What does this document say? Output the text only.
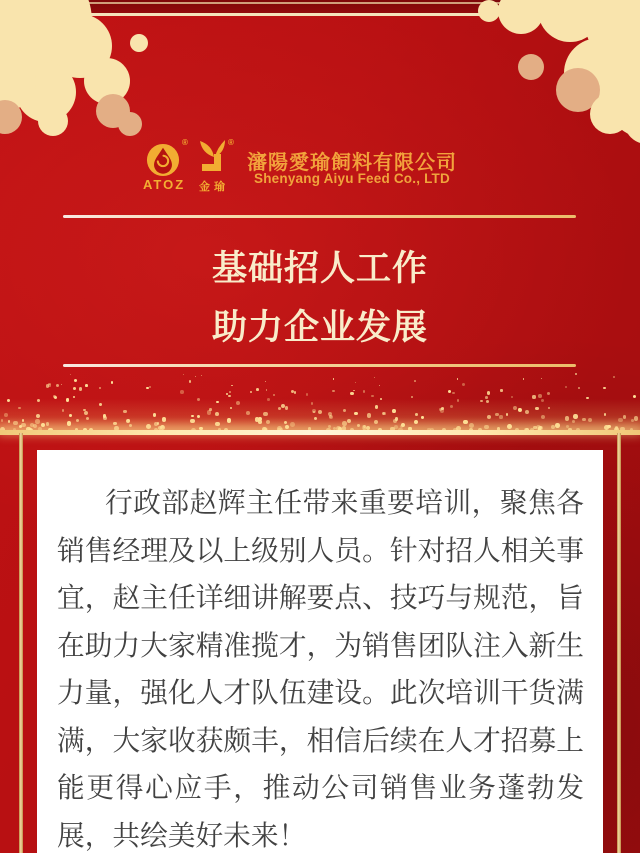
®
ATOZ
®
金瑜
瀋陽愛瑜飼料有限公司
Shenyang Aiyu Feed Co., LTD
基础招人工作
助力企业发展

行政部赵辉主任带来重要培训，聚焦各销售经理及以上级别人员。针对招人相关事宜，赵主任详细讲解要点、技巧与规范，旨在助力大家精准揽才，为销售团队注入新生力量，强化人才队伍建设。此次培训干货满满，大家收获颇丰，相信后续在人才招募上能更得心应手，推动公司销售业务蓬勃发展，共绘美好未来！
